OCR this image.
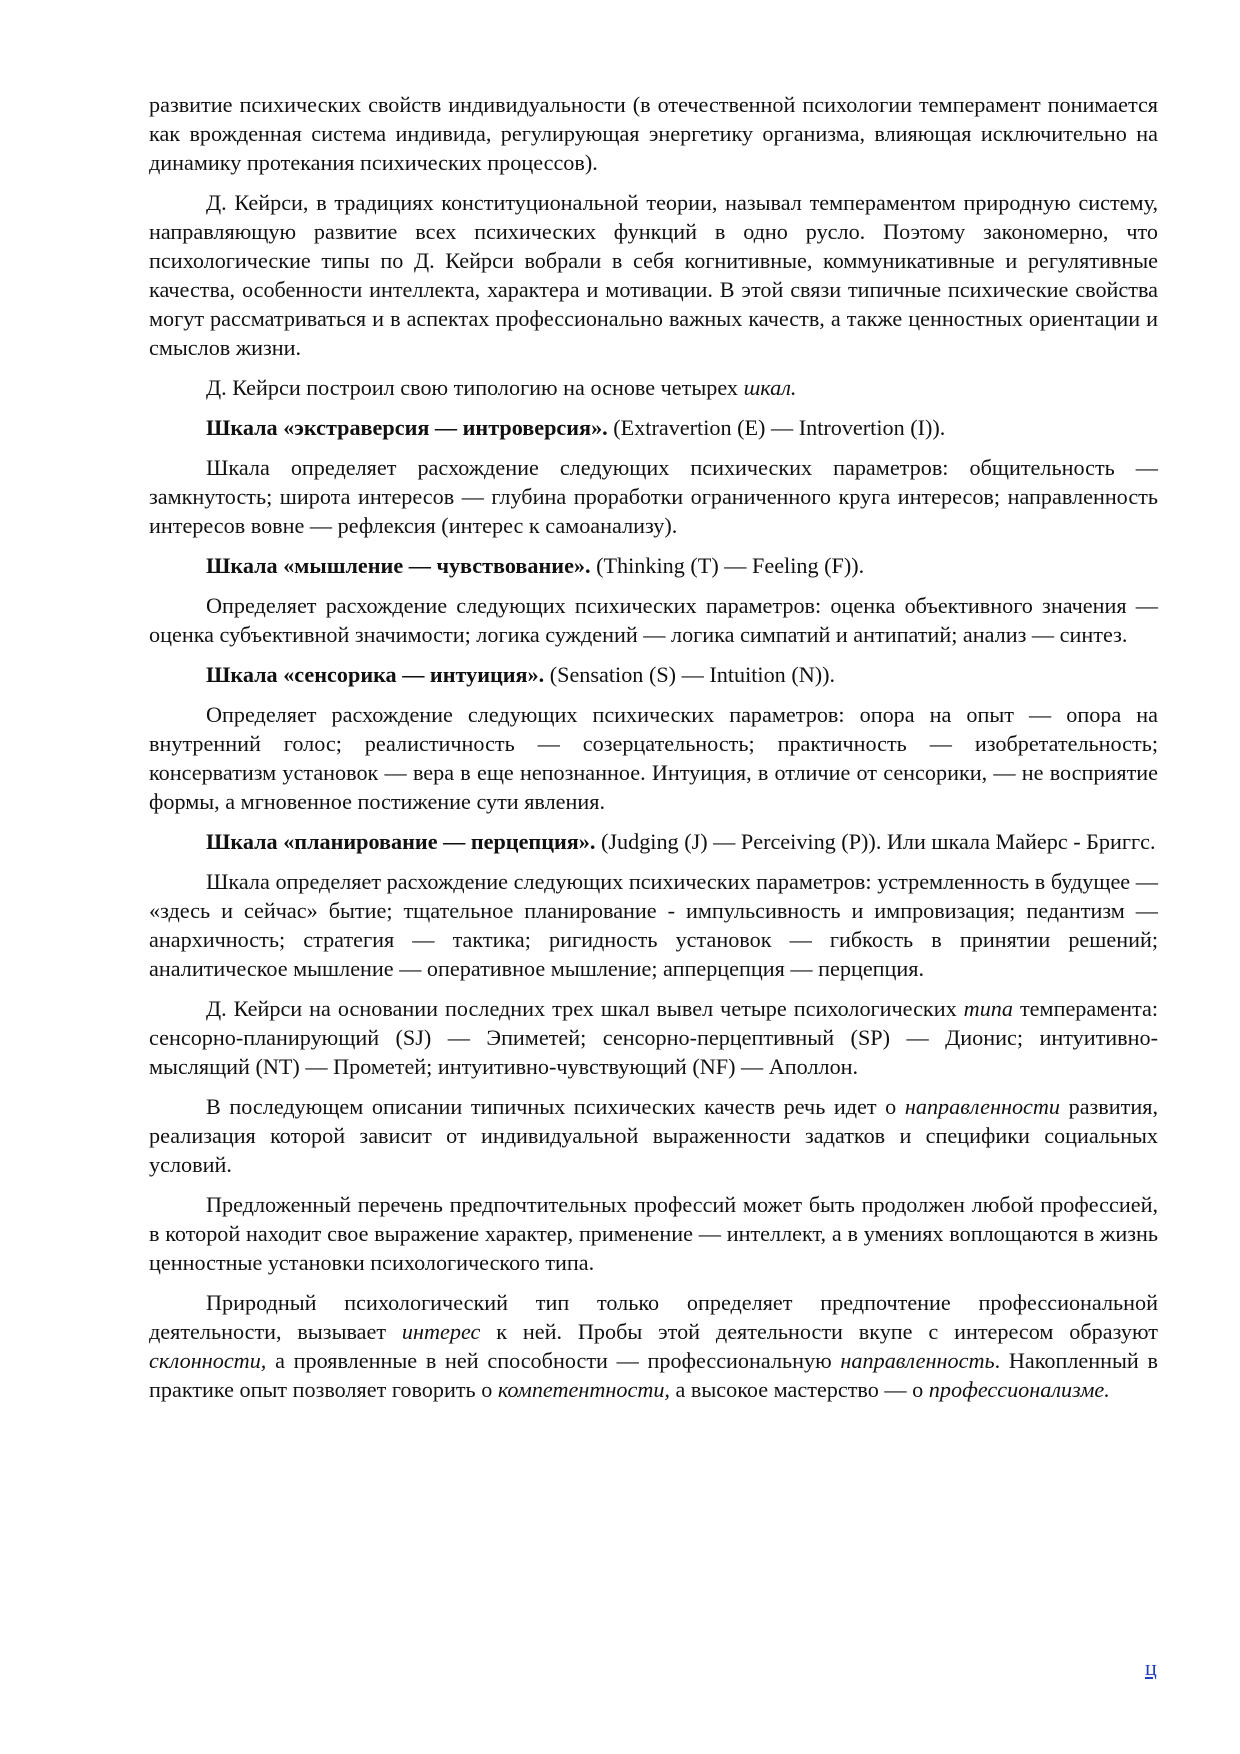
развитие психических свойств индивидуальности (в отечественной психологии темперамент понимается как врожденная система индивида, регулирующая энергетику организма, влияющая исключительно на динамику протекания психических процессов).

Д. Кейрси, в традициях конституциональной теории, называл темпераментом природную систему, направляющую развитие всех психических функций в одно русло. Поэтому закономерно, что психологические типы по Д. Кейрси вобрали в себя когнитивные, коммуникативные и регулятивные качества, особенности интеллекта, характера и мотивации. В этой связи типичные психические свойства могут рассматриваться и в аспектах профессионально важных качеств, а также ценностных ориентации и смыслов жизни.

Д. Кейрси построил свою типологию на основе четырех шкал.

Шкала «экстраверсия — интроверсия». (Extravertion (E) — Introvertion (I)).

Шкала определяет расхождение следующих психических параметров: общительность — замкнутость; широта интересов — глубина проработки ограниченного круга интересов; направленность интересов вовне — рефлексия (интерес к самоанализу).

Шкала «мышление — чувствование». (Thinking (T) — Feeling (F)).

Определяет расхождение следующих психических параметров: оценка объективного значения — оценка субъективной значимости; логика суждений — логика симпатий и антипатий; анализ — синтез.

Шкала «сенсорика — интуиция». (Sensation (S) — Intuition (N)).

Определяет расхождение следующих психических параметров: опора на опыт — опора на внутренний голос; реалистичность — созерцательность; практичность — изобретательность; консерватизм установок — вера в еще непознанное. Интуиция, в отличие от сенсорики, — не восприятие формы, а мгновенное постижение сути явления.

Шкала «планирование — перцепция». (Judging (J) — Perceiving (P)). Или шкала Майерс - Бриггс.

Шкала определяет расхождение следующих психических параметров: устремленность в будущее — «здесь и сейчас» бытие; тщательное планирование - импульсивность и импровизация; педантизм — анархичность; стратегия — тактика; ригидность установок — гибкость в принятии решений; аналитическое мышление — оперативное мышление; апперцепция — перцепция.

Д. Кейрси на основании последних трех шкал вывел четыре психологических типа темперамента: сенсорно-планирующий (SJ) — Эпиметей; сенсорно-перцептивный (SP) — Дионис; интуитивно-мыслящий (NT) — Прометей; интуитивно-чувствующий (NF) — Аполлон.

В последующем описании типичных психических качеств речь идет о направленности развития, реализация которой зависит от индивидуальной выраженности задатков и специфики социальных условий.

Предложенный перечень предпочтительных профессий может быть продолжен любой профессией, в которой находит свое выражение характер, применение — интеллект, а в умениях воплощаются в жизнь ценностные установки психологического типа.

Природный психологический тип только определяет предпочтение профессиональной деятельности, вызывает интерес к ней. Пробы этой деятельности вкупе с интересом образуют склонности, а проявленные в ней способности — профессиональную направленность. Накопленный в практике опыт позволяет говорить о компетентности, а высокое мастерство — о профессионализме.

ц
